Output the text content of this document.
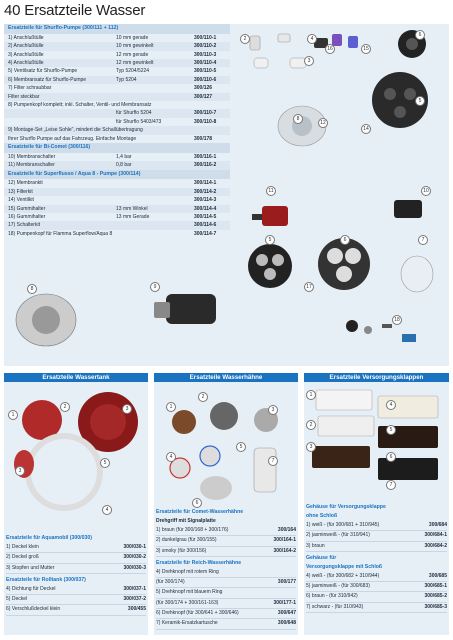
40 Ersatzteile Wasser
Ersatzteile für Shurflo-Pumpe (300/111 + 112)
1) Anschlußtülle	10 mm gerade	300/110-1
2) Anschlußtülle	10 mm gewinkelt	300/110-2
3) Anschlußtülle	12 mm gerade	300/110-3
4) Anschlußtülle	12 mm gewinkelt	300/110-4
5) Ventilsatz für Shurflo-Pumpe	Typ 5204/5224	300/110-5
6) Membransatz für Shurflo-Pumpe	Typ 5204	300/110-6
7) Filter schraubbar	300/126
Filter steckbar	300/127
8) Pumpenkopf komplett; inkl. Schalter, Ventil- und Membransatz
für Shurflo 5204	300/110-7
für Shurflo 5403/473	300/110-8
9) Montage-Set „Leise Sohle“, mindert die Schallübertragung
Ihrer Shurflo Pumpe auf das Fahrzeug. Einfache Montage	300/178
Ersatzteile für Bi-Comet (300/116)
10) Membranschalter	1,4 bar	300/116-1
11) Membranschalter	0,8 bar	300/116-2
Ersatzteile für Superflusso / Aqua 8 - Pumpe (300/114)
12) Membrankit	300/114-1
13) Filterkit	300/114-2
14) Ventilkit	300/114-3
15) Gummihalter	13 mm Winkel	300/114-4
16) Gummihalter	13 mm Gerade	300/114-5
17) Schalterkit	300/114-6
18) Pumpenkopf für Flamma Superflow/Aqua 8	300/114-7
2	4
6
15
16
3
5
8
12
14
11	10
5	6	7
8	9	17
18
Ersatzteile Wassertank	Ersatzteile Wasserhähne	Ersatzteile Versorgungsklappen
1
2	3
3
5
4
1
2
3
4
5
6
7
1
2
3
4
5
6
7
Ersatzteile für Aquamobil (300/030)
1) Deckel klein	300/030-1
2) Deckel groß	300/030-2
3) Stopfen und Mutter	300/030-3
Ersatzteile für Rolltank (300/037)
4) Dichtung für Deckel	300/037-1
5) Deckel	300/037-2
6) Verschlußdeckel klein	300/455
Ersatzteile für Comet-Wasserhähne
Drehgriff mit Signalplatte
1) braun (für 300/168 + 300/176)	300/164
2) dunkelgrau (für 300/155)	300/164-1
3) smoky (für 300/156)	300/164-2
Ersatzteile für Reich-Wasserhähne
4) Drehknopf mit rotem Ring
(für 300/174)	300/177
5) Drehknopf mit blauem Ring
(für 300/174 + 300/161-163)	300/177-1
6) Drehknopf (für 300/641 + 300/646)	300/647
7) Keramik-Ersatzkartusche	300/648
Gehäuse für Versorgungsklappe
ohne Schloß
1) weiß - (für 300/681 + 310/945)	300/684
2) jasminweiß - (für 310/941)	300/684-1
3) braun	300/684-2
Gehäuse für
Versorgungsklappe mit Schloß
4) weiß - (für 300/682 + 310/944)	300/685
5) jasminweiß - (für 300/683)	300/685-1
6) braun - (für 310/942)	300/685-2
7) schwarz - (für 310/943)	300/685-3
